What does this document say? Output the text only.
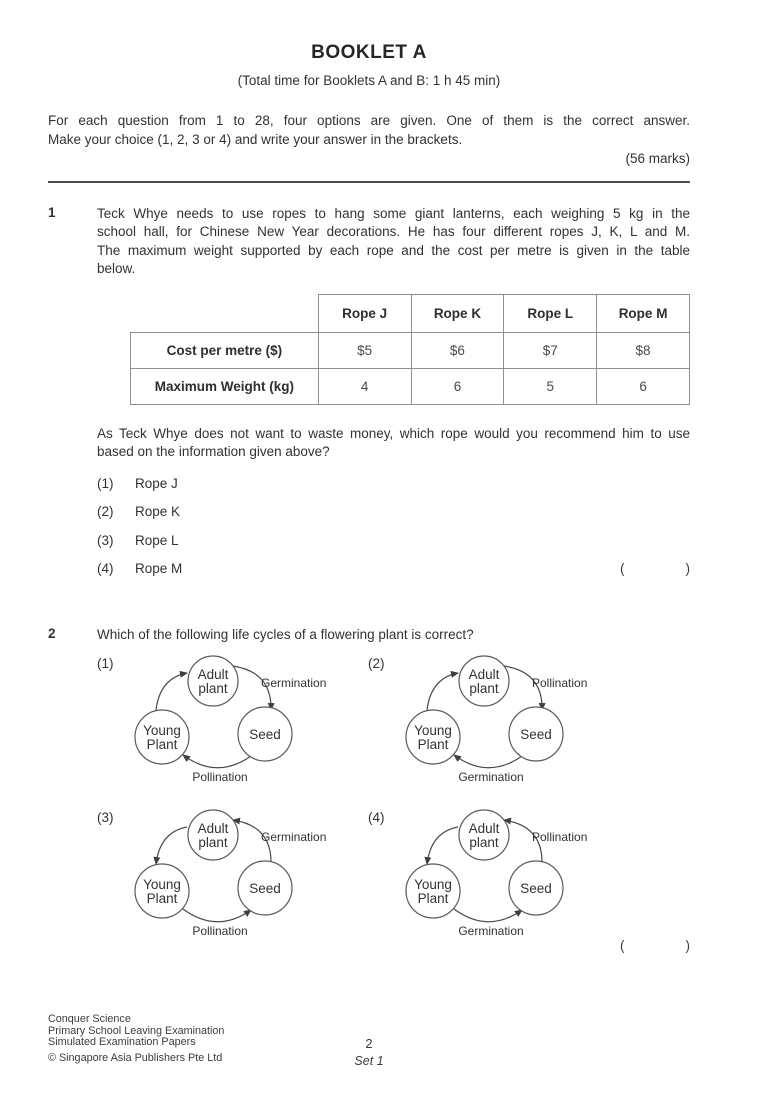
BOOKLET A
(Total time for Booklets A and B: 1 h 45 min)
For each question from 1 to 28, four options are given. One of them is the correct answer.
Make your choice (1, 2, 3 or 4) and write your answer in the brackets.
(56 marks)
1	Teck Whye needs to use ropes to hang some giant lanterns, each weighing 5 kg in the
school hall, for Chinese New Year decorations. He has four different ropes J, K, L and M.
The maximum weight supported by each rope and the cost per metre is given in the table
below.
	Rope J	Rope K	Rope L	Rope M
Cost per metre ($)	$5	$6	$7	$8
Maximum Weight (kg)	4	6	5	6
As Teck Whye does not want to waste money, which rope would you recommend him to use
based on the information given above?
(1)	Rope J
(2)	Rope K
(3)	Rope L
(4)	Rope M	(	)
2	Which of the following life cycles of a flowering plant is correct?

(1)
Adult plant
Young Plant
Seed
Germination
Pollination
(2)
Adult plant
Young Plant
Seed
Pollination
Germination
(3)
Adult plant
Young Plant
Seed
Germination
Pollination
(4)
Adult plant
Young Plant
Seed
Pollination
Germination
(	)
Conquer Science
Primary School Leaving Examination
Simulated Examination Papers
© Singapore Asia Publishers Pte Ltd
2
Set 1
